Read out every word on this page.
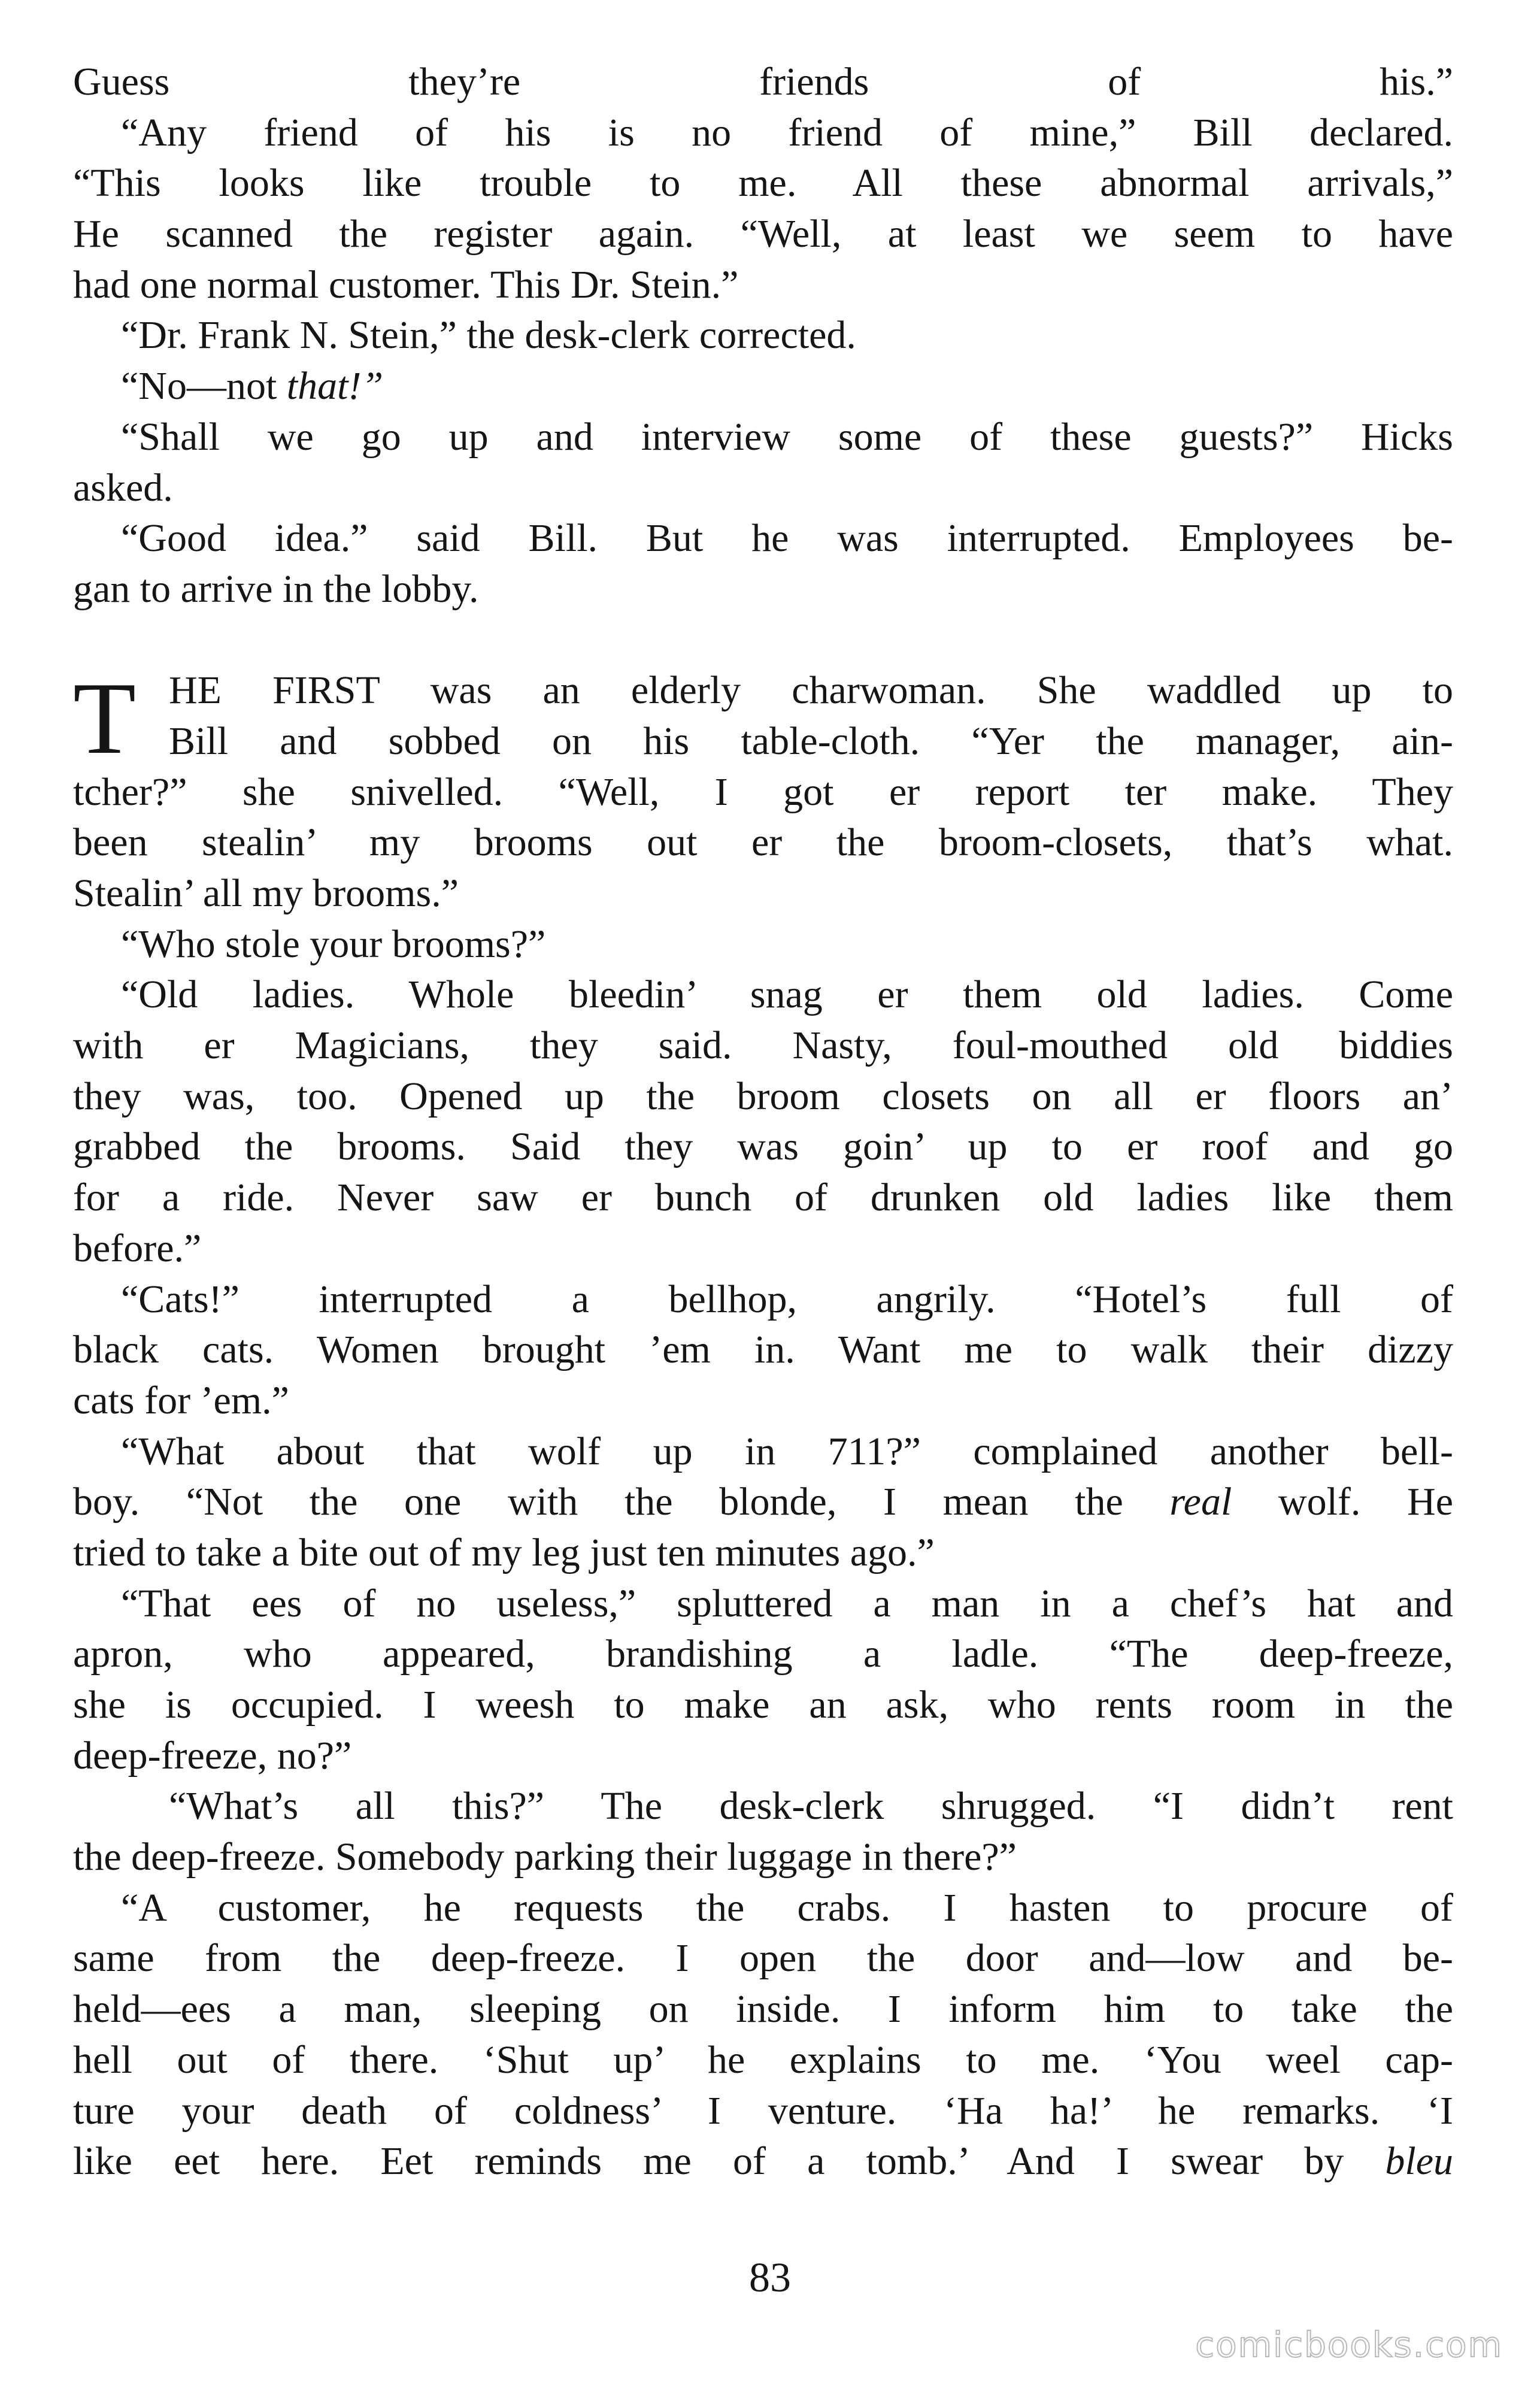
Guess they’re friends of his.”
“Any friend of his is no friend of mine,” Bill declared.
“This looks like trouble to me. All these abnormal arrivals,”
He scanned the register again. “Well, at least we seem to have
had one normal customer. This Dr. Stein.”
“Dr. Frank N. Stein,” the desk-clerk corrected.
“No—not that!”
“Shall we go up and interview some of these guests?” Hicks
asked.
“Good idea.” said Bill. But he was interrupted. Employees be-
gan to arrive in the lobby.
T HE FIRST was an elderly charwoman. She waddled up to
Bill and sobbed on his table-cloth. “Yer the manager, ain-
tcher?” she snivelled. “Well, I got er report ter make. They
been stealin’ my brooms out er the broom-closets, that’s what.
Stealin’ all my brooms.”
“Who stole your brooms?”
“Old ladies. Whole bleedin’ snag er them old ladies. Come
with er Magicians, they said. Nasty, foul-mouthed old biddies
they was, too. Opened up the broom closets on all er floors an’
grabbed the brooms. Said they was goin’ up to er roof and go
for a ride. Never saw er bunch of drunken old ladies like them
before.”
“Cats!” interrupted a bellhop, angrily. “Hotel’s full of
black cats. Women brought ’em in. Want me to walk their dizzy
cats for ’em.”
“What about that wolf up in 711?” complained another bell-
boy. “Not the one with the blonde, I mean the real wolf. He
tried to take a bite out of my leg just ten minutes ago.”
“That ees of no useless,” spluttered a man in a chef’s hat and
apron, who appeared, brandishing a ladle. “The deep-freeze,
she is occupied. I weesh to make an ask, who rents room in the
deep-freeze, no?”
“What’s all this?” The desk-clerk shrugged. “I didn’t rent
the deep-freeze. Somebody parking their luggage in there?”
“A customer, he requests the crabs. I hasten to procure of
same from the deep-freeze. I open the door and—low and be-
held—ees a man, sleeping on inside. I inform him to take the
hell out of there. ‘Shut up’ he explains to me. ‘You weel cap-
ture your death of coldness’ I venture. ‘Ha ha!’ he remarks. ‘I
like eet here. Eet reminds me of a tomb.’ And I swear by bleu
83
comicbooks.com
